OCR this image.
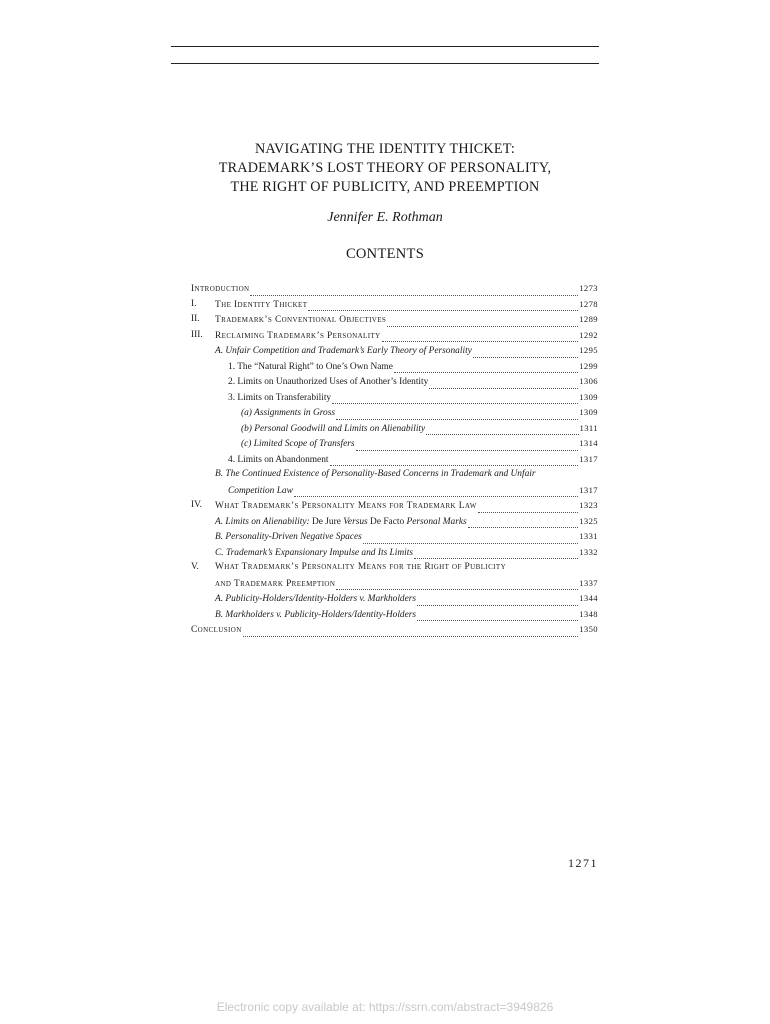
NAVIGATING THE IDENTITY THICKET:
TRADEMARK’S LOST THEORY OF PERSONALITY,
THE RIGHT OF PUBLICITY, AND PREEMPTION
Jennifer E. Rothman
CONTENTS
Introduction	1273
I. The Identity Thicket	1278
II. Trademark’s Conventional Objectives	1289
III. Reclaiming Trademark’s Personality	1292
A. Unfair Competition and Trademark’s Early Theory of Personality	1295
1. The “Natural Right” to One’s Own Name	1299
2. Limits on Unauthorized Uses of Another’s Identity	1306
3. Limits on Transferability	1309
(a) Assignments in Gross	1309
(b) Personal Goodwill and Limits on Alienability	1311
(c) Limited Scope of Transfers	1314
4. Limits on Abandonment	1317
B. The Continued Existence of Personality-Based Concerns in Trademark and Unfair
Competition Law	1317
IV. What Trademark’s Personality Means for Trademark Law	1323
A. Limits on Alienability: De Jure Versus De Facto Personal Marks	1325
B. Personality-Driven Negative Spaces	1331
C. Trademark’s Expansionary Impulse and Its Limits	1332
V. What Trademark’s Personality Means for the Right of Publicity
and Trademark Preemption	1337
A. Publicity-Holders/Identity-Holders v. Markholders	1344
B. Markholders v. Publicity-Holders/Identity-Holders	1348
Conclusion	1350
1271
Electronic copy available at: https://ssrn.com/abstract=3949826
